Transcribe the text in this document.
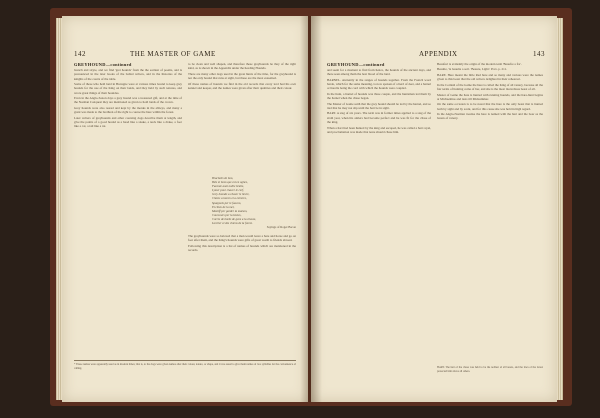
142	THE MASTER OF GAME
GREYHOUND—continued

brench and stryte, and we find 'grei hounds' from the the earliest of poems, and is pronounced in the later books of the ballad writers, and in the histories of the knights of the courts of the table.

Some of these who held land in Bretagne were at various times bound to keep grey hounds for the use of the King on their lands, and they held by such tenures, and wrote great things of their houndes.

Even in the Anglo-Saxon days a grey hound was a treasured gift, and at the time of the Norman Conquest they are mentioned as given to hold lands of the crown.

Grey hounds were also reared and kept by the monks in the abbeys, and many a grant was made to the brethren of the right to course the hare within the forest.

Later writers of greyhounds and other coursing dogs describe them at length, and give the points of a good hound as a head like a snake, a neck like a drake, a foot like a cat, a tail like a rat.

to be clean and well shapen, and therefore these greyhounds be they of the right kind, as is shown in the Appendix under the heading Hounds.

There are many other dogs used in the great hunts of the time, for the greyhound is not the only hound that runs at sight, but these are the most esteemed.

Of these names of hounds we find in the old records that every lord had his own kennel and keeper, and the names were given after their qualities and their colour.

Brachetts de bon,
Bels et bons que est en oghes,
Faconte auni noble bratte,
Lymer pour chacer le cerf,
Grey hounds a chaser le lievre,
Chiens a toures et a estreres,
Spaignols per le faucon,
Et chien de la mer,
Mastiff per garder la maison,
Coursours per la bestes,
Curres de bords de genz a la chasse,
Lurcher et des chiens de la forest.
Sayings of Roger Bacon

The greyhounds were so beloved that a man would leave a hare and horse and go on foot after them, and the King's hounds were gifts of great worth to friends abroad.

Following this description is a list of names of hounds which are mentioned in the records.

* These names were apparently used as in modern times; that is, to the dogs were given names after their colour, nature, or shape, and it was usual to give them names of two syllables for the convenience of calling.
APPENDIX	143
GREYHOUND—continued

and seem for a moment to find from hence, the hounds of the ancient days, and there seen among them the best blood of the land.

HARNEL. Anciently in the ranges of hounds together. From the French word harde, which for the same meaning, is now spoken of a herd of deer, and a harnel or harelle being the cord with which the hounds were coupled.

In the hunt, a harnel of hounds was three couple, and the huntsman led them by the harnel when the chase began.

The Master of Game saith that the grey hound should be led by the harnel, and so tied that he may not slip until the hart be in sight.

HART. A stag of six years. The term was in former times applied to a stag of the sixth year, when his antlers had become perfect and he was fit for the chase of the king.

When a hart had been hunted by the king and escaped, he was called a hart royal, and proclamation was made that none should chase him.

Beaufort is evidently the origin of the modern term 'Beaufre a fre'.

Beaulte, 'la beaulte a son'. 'Beaute, Light.' Prov. p. 211.

HARE. Hare meant the little Red hare and so many and various were the names given to this beast that the old writers delighted in their rehearsal.

In the Cornish of the Game the hare is called the King of all venery, because all the fair terms of hunting come of her, and she is the most marvellous beast of all.

Master of Game the hare is hunted with running hounds, and the hare-hunt begins at Michaelmas and lasts till Midsummer.

On the same occasion is to be noted that the hare is the only beast that is hunted both by sight and by scent, and for this cause she was held in high regard.

In the Anglo-Norman treatise the hare is named with the hart and the boar as the beasts of venery.

HART. The hart of the chase was held to be the noblest of all beasts, and the laws of the forest protected him above all others.
